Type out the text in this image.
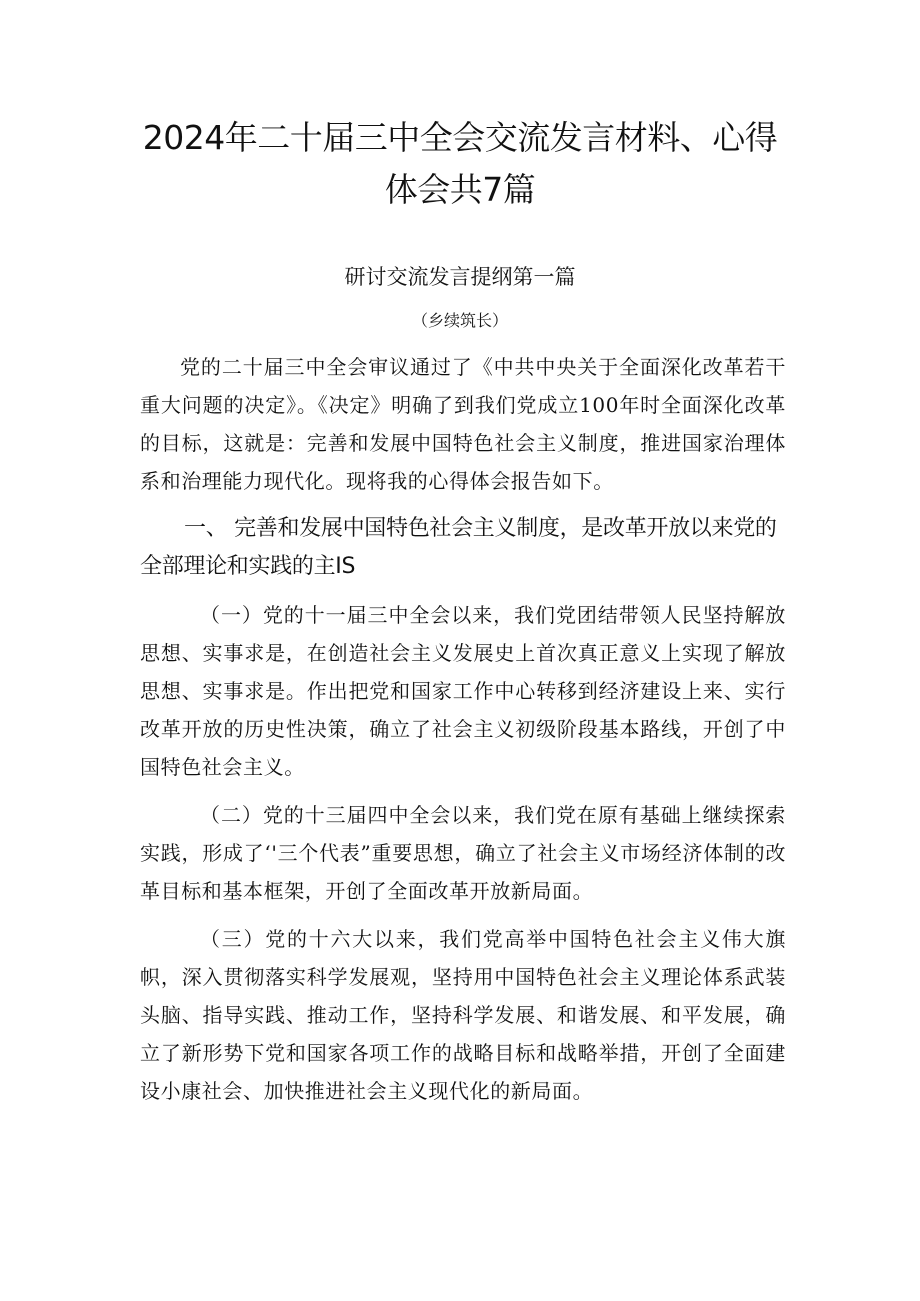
2024年二十届三中全会交流发言材料、心得体会共7篇
研讨交流发言提纲第一篇

（乡续筑长）

党的二十届三中全会审议通过了《中共中央关于全面深化改革若干重大问题的决定》。《决定》明确了到我们党成立100年时全面深化改革的目标，这就是：完善和发展中国特色社会主义制度，推进国家治理体系和治理能力现代化。现将我的心得体会报告如下。

一、 完善和发展中国特色社会主义制度，是改革开放以来党的全部理论和实践的主IS

（一）党的十一届三中全会以来，我们党团结带领人民坚持解放思想、实事求是，在创造社会主义发展史上首次真正意义上实现了解放思想、实事求是。作出把党和国家工作中心转移到经济建设上来、实行改革开放的历史性决策，确立了社会主义初级阶段基本路线，开创了中国特色社会主义。

（二）党的十三届四中全会以来，我们党在原有基础上继续探索实践，形成了‘'三个代表”重要思想，确立了社会主义市场经济体制的改革目标和基本框架，开创了全面改革开放新局面。

（三）党的十六大以来，我们党高举中国特色社会主义伟大旗帜，深入贯彻落实科学发展观，坚持用中国特色社会主义理论体系武装头脑、指导实践、推动工作，坚持科学发展、和谐发展、和平发展，确立了新形势下党和国家各项工作的战略目标和战略举措，开创了全面建设小康社会、加快推进社会主义现代化的新局面。
